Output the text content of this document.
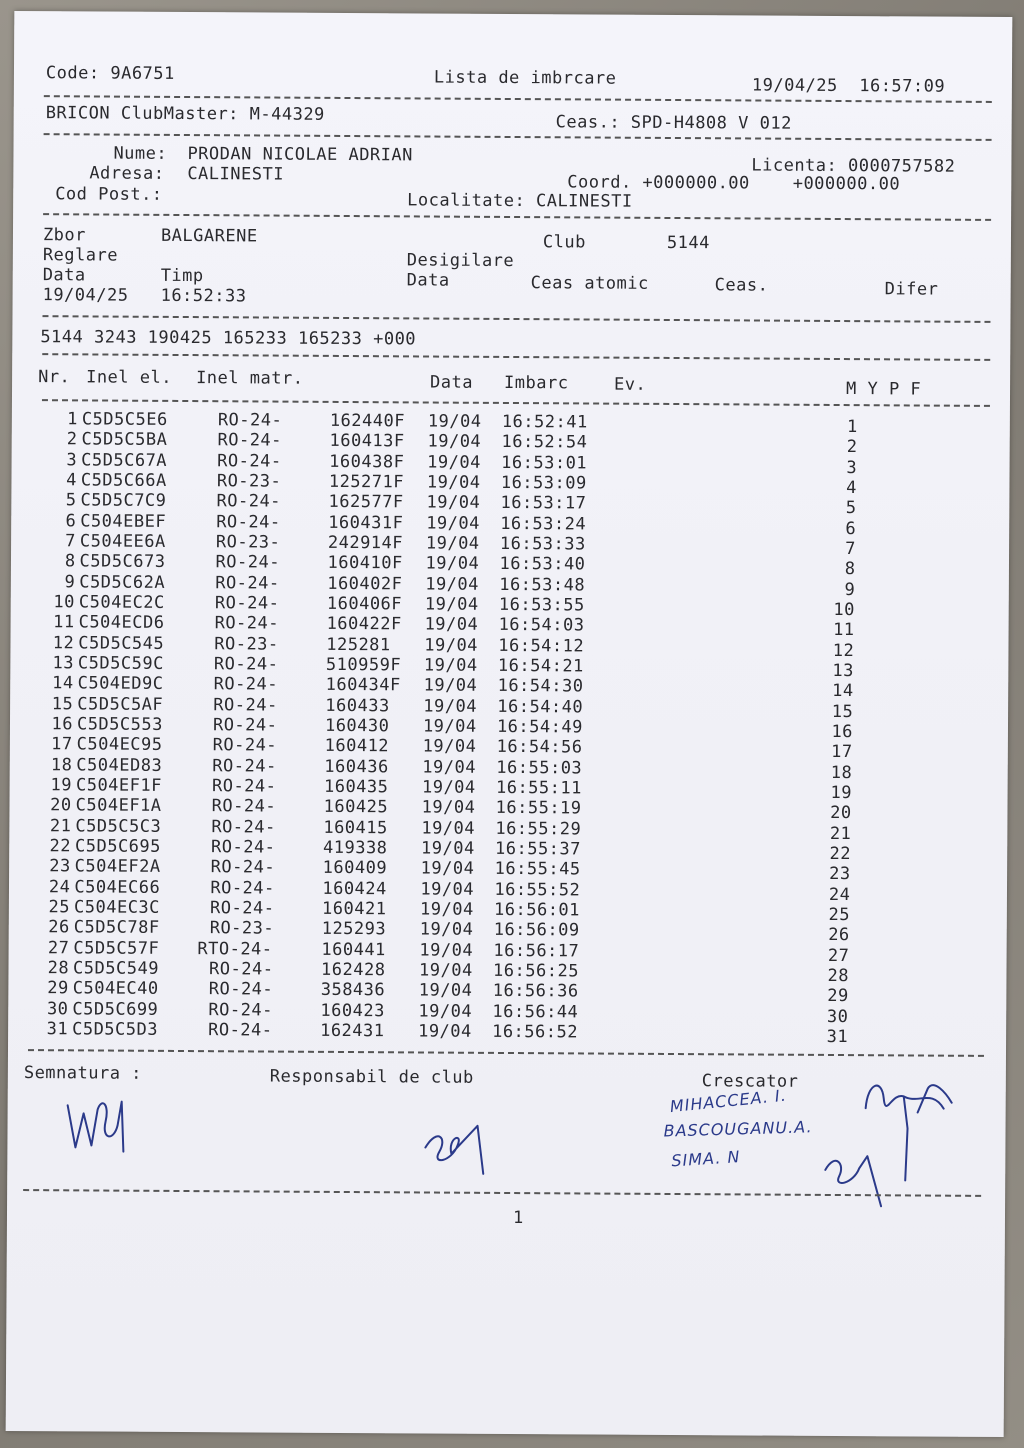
Code: 9A6751	Lista de imbrcare	19/04/25  16:57:09
BRICON ClubMaster: M-44329	Ceas.: SPD-H4808 V 012
Nume: PRODAN NICOLAE ADRIAN
Licenta: 0000757582
Adresa: CALINESTI	Coord. +000000.00    +000000.00
Cod Post.:	Localitate: CALINESTI
Zbor	BALGARENE	Club	5144
Reglare	Desigilare
Data	Timp	Data	Ceas atomic	Ceas.	Difer
19/04/25 16:52:33
5144 3243 190425 165233 165233 +000
Nr. Inel el. Inel matr.	Data Imbarc	Ev.	M Y P F
1 C5D5C5E6	RO-24-	162440F 19/04 16:52:41	1
2 C5D5C5BA	RO-24-	160413F 19/04 16:52:54	2
3 C5D5C67A	RO-24-	160438F 19/04 16:53:01	3
4 C5D5C66A	RO-23-	125271F 19/04 16:53:09	4
5 C5D5C7C9	RO-24-	162577F 19/04 16:53:17	5
6 C504EBEF	RO-24-	160431F 19/04 16:53:24	6
7 C504EE6A	RO-23-	242914F 19/04 16:53:33	7
8 C5D5C673	RO-24-	160410F 19/04 16:53:40	8
9 C5D5C62A	RO-24-	160402F 19/04 16:53:48	9
10 C504EC2C	RO-24-	160406F 19/04 16:53:55	10
11 C504ECD6	RO-24-	160422F 19/04 16:54:03	11
12 C5D5C545	RO-23-	125281 19/04 16:54:12	12
13 C5D5C59C	RO-24-	510959F 19/04 16:54:21	13
14 C504ED9C	RO-24-	160434F 19/04 16:54:30	14
15 C5D5C5AF	RO-24-	160433 19/04 16:54:40	15
16 C5D5C553	RO-24-	160430 19/04 16:54:49	16
17 C504EC95	RO-24-	160412 19/04 16:54:56	17
18 C504ED83	RO-24-	160436 19/04 16:55:03	18
19 C504EF1F	RO-24-	160435 19/04 16:55:11	19
20 C504EF1A	RO-24-	160425 19/04 16:55:19	20
21 C5D5C5C3	RO-24-	160415 19/04 16:55:29	21
22 C5D5C695	RO-24-	419338 19/04 16:55:37	22
23 C504EF2A	RO-24-	160409 19/04 16:55:45	23
24 C504EC66	RO-24-	160424 19/04 16:55:52	24
25 C504EC3C	RO-24-	160421 19/04 16:56:01	25
26 C5D5C78F	RO-23-	125293 19/04 16:56:09	26
27 C5D5C57F RTO-24-	160441 19/04 16:56:17	27
28 C5D5C549	RO-24-	162428 19/04 16:56:25	28
29 C504EC40	RO-24-	358436 19/04 16:56:36	29
30 C5D5C699	RO-24-	160423 19/04 16:56:44	30
31 C5D5C5D3	RO-24-	162431 19/04 16:56:52	31
Semnatura :	Responsabil de club	Crescator
MIHACCEA. I.
BASCOUGANU.A.
SIMA. N
1
